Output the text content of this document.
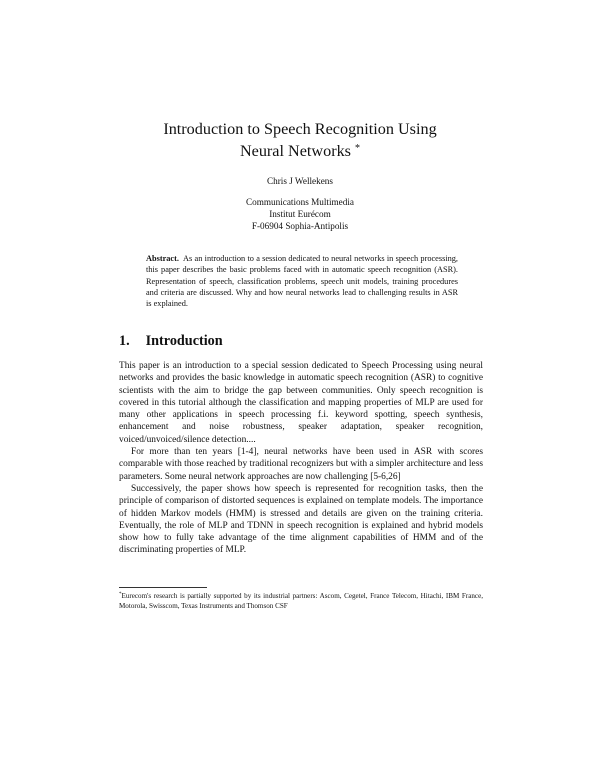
Introduction to Speech Recognition Using
Neural Networks *
Chris J Wellekens
Communications Multimedia
Institut Eurécom
F-06904 Sophia-Antipolis
Abstract. As an introduction to a session dedicated to neural networks in speech processing, this paper describes the basic problems faced with in automatic speech recognition (ASR). Representation of speech, classification problems, speech unit models, training procedures and criteria are discussed. Why and how neural networks lead to challenging results in ASR is explained.
1. Introduction

This paper is an introduction to a special session dedicated to Speech Processing using neural networks and provides the basic knowledge in automatic speech recognition (ASR) to cognitive scientists with the aim to bridge the gap between communities. Only speech recognition is covered in this tutorial although the classification and mapping properties of MLP are used for many other applications in speech processing f.i. keyword spotting, speech synthesis, enhancement and noise robustness, speaker adaptation, speaker recognition, voiced/unvoiced/silence detection....

For more than ten years [1-4], neural networks have been used in ASR with scores comparable with those reached by traditional recognizers but with a simpler architecture and less parameters. Some neural network approaches are now challenging [5-6,26]

Successively, the paper shows how speech is represented for recognition tasks, then the principle of comparison of distorted sequences is explained on template models. The importance of hidden Markov models (HMM) is stressed and details are given on the training criteria. Eventually, the role of MLP and TDNN in speech recognition is explained and hybrid models show how to fully take advantage of the time alignment capabilities of HMM and of the discriminating properties of MLP.

*Eurecom's research is partially supported by its industrial partners: Ascom, Cegetel, France Telecom, Hitachi, IBM France, Motorola, Swisscom, Texas Instruments and Thomson CSF
